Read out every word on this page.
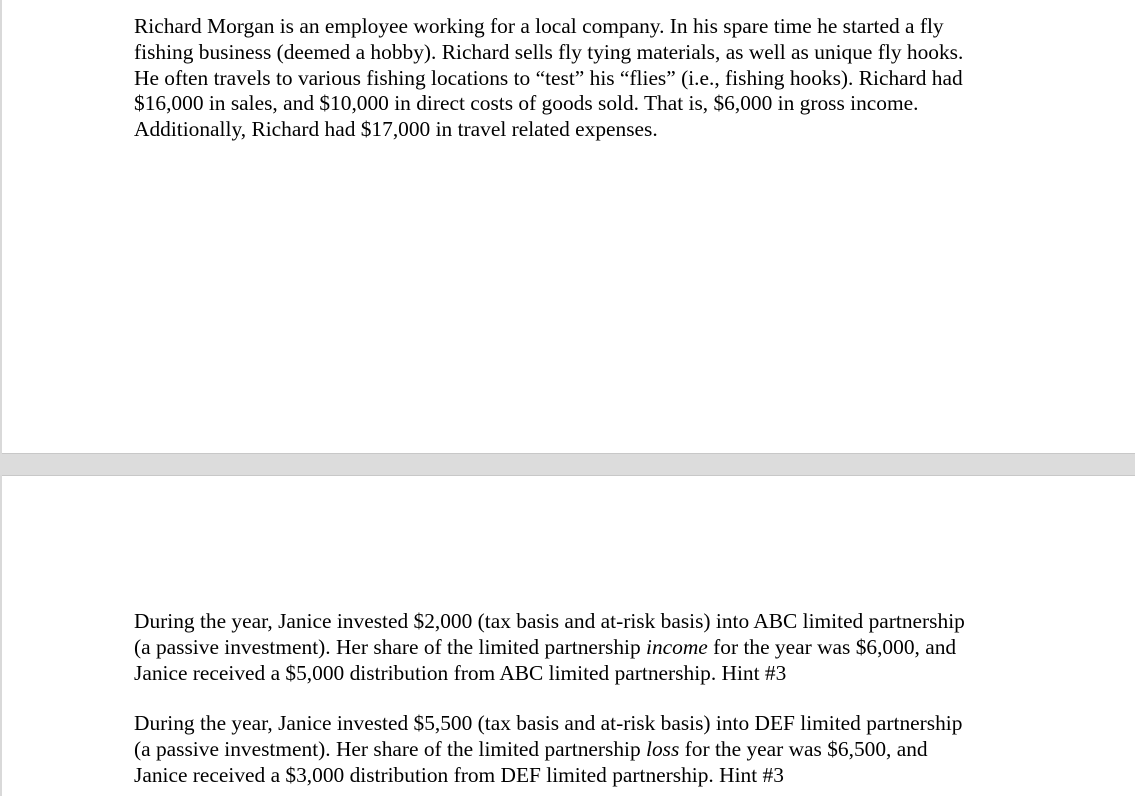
Richard Morgan is an employee working for a local company. In his spare time he started a fly
fishing business (deemed a hobby). Richard sells fly tying materials, as well as unique fly hooks.
He often travels to various fishing locations to “test” his “flies” (i.e., fishing hooks). Richard had
$16,000 in sales, and $10,000 in direct costs of goods sold. That is, $6,000 in gross income.
Additionally, Richard had $17,000 in travel related expenses.

During the year, Janice invested $2,000 (tax basis and at-risk basis) into ABC limited partnership
(a passive investment). Her share of the limited partnership income for the year was $6,000, and
Janice received a $5,000 distribution from ABC limited partnership. Hint #3

During the year, Janice invested $5,500 (tax basis and at-risk basis) into DEF limited partnership
(a passive investment). Her share of the limited partnership loss for the year was $6,500, and
Janice received a $3,000 distribution from DEF limited partnership. Hint #3
